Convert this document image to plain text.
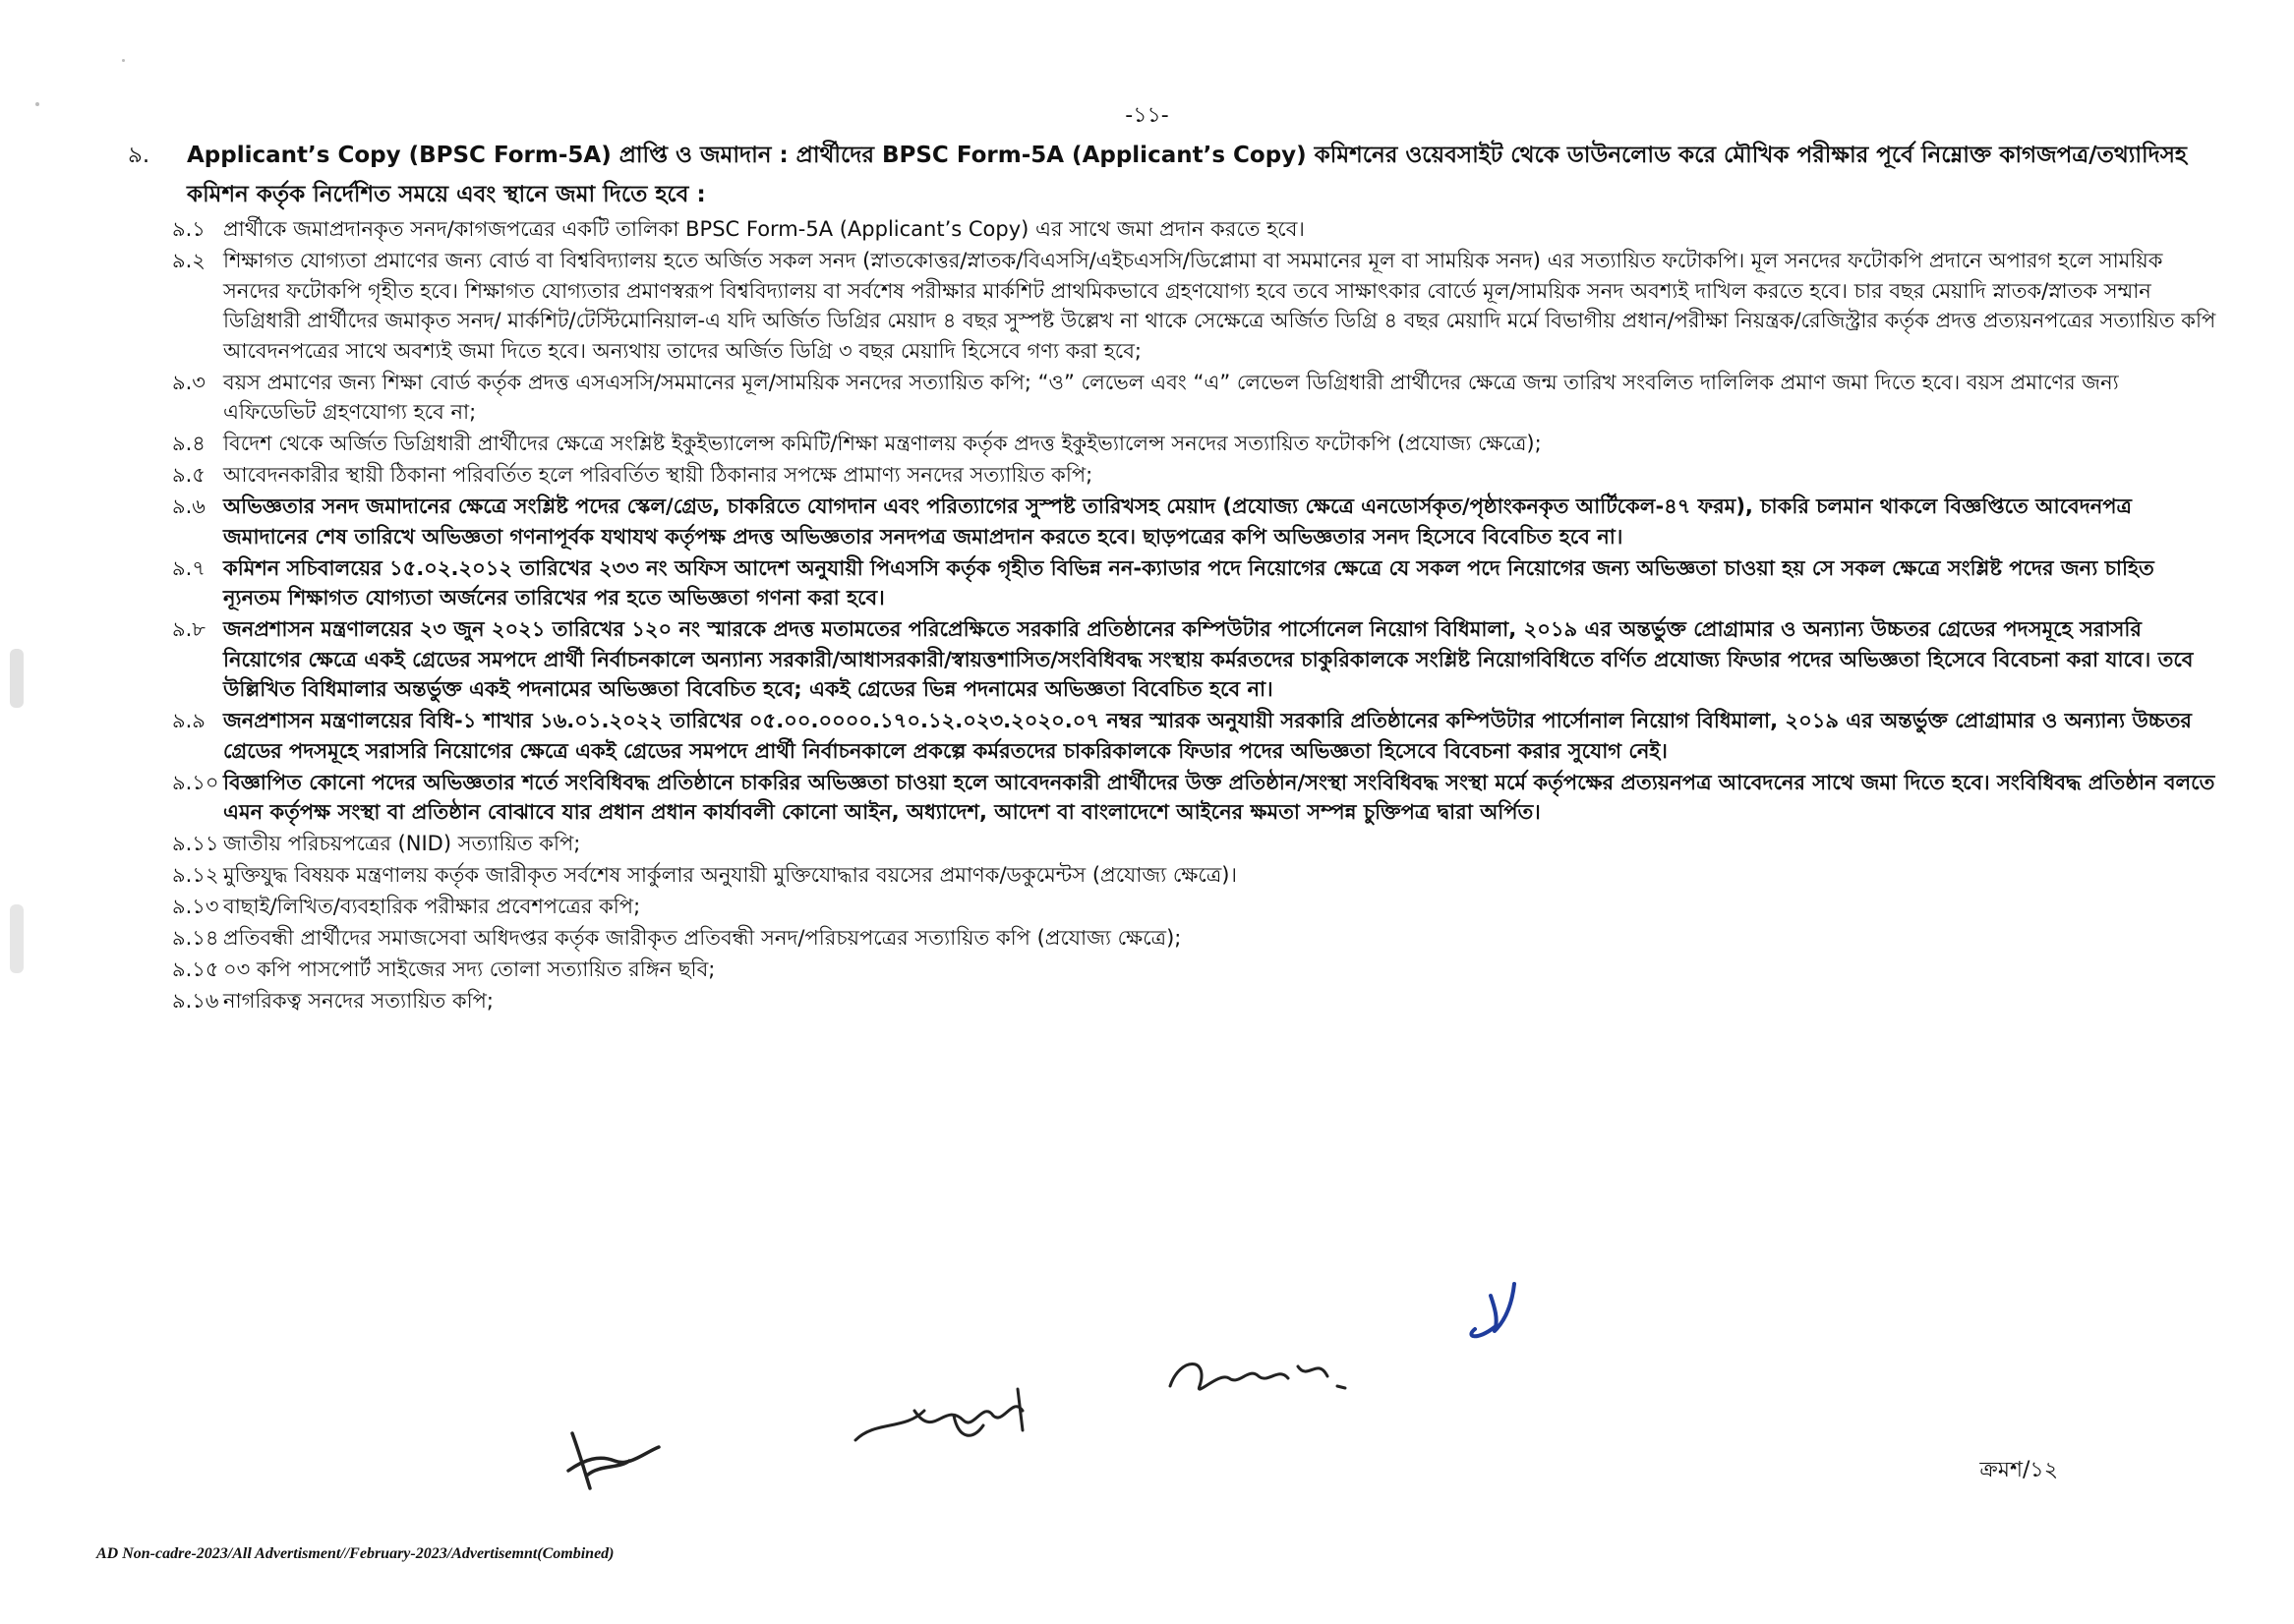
-১১-
৯. Applicant’s Copy (BPSC Form-5A) প্রাপ্তি ও জমাদান : প্রার্থীদের BPSC Form-5A (Applicant’s Copy) কমিশনের ওয়েবসাইট থেকে ডাউনলোড করে মৌখিক পরীক্ষার পূর্বে নিম্নোক্ত কাগজপত্র/তথ্যাদিসহ কমিশন কর্তৃক নির্দেশিত সময়ে এবং স্থানে জমা দিতে হবে :
৯.১ প্রার্থীকে জমাপ্রদানকৃত সনদ/কাগজপত্রের একটি তালিকা BPSC Form-5A (Applicant’s Copy) এর সাথে জমা প্রদান করতে হবে।
৯.২ শিক্ষাগত যোগ্যতা প্রমাণের জন্য বোর্ড বা বিশ্ববিদ্যালয় হতে অর্জিত সকল সনদ (স্নাতকোত্তর/স্নাতক/বিএসসি/এইচএসসি/ডিপ্লোমা বা সমমানের মূল বা সাময়িক সনদ) এর সত্যায়িত ফটোকপি। মূল সনদের ফটোকপি প্রদানে অপারগ হলে সাময়িক সনদের ফটোকপি গৃহীত হবে। শিক্ষাগত যোগ্যতার প্রমাণস্বরূপ বিশ্ববিদ্যালয় বা সর্বশেষ পরীক্ষার মার্কশিট প্রাথমিকভাবে গ্রহণযোগ্য হবে তবে সাক্ষাৎকার বোর্ডে মূল/সাময়িক সনদ অবশ্যই দাখিল করতে হবে। চার বছর মেয়াদি স্নাতক/স্নাতক সম্মান ডিগ্রিধারী প্রার্থীদের জমাকৃত সনদ/ মার্কশিট/টেস্টিমোনিয়াল-এ যদি অর্জিত ডিগ্রির মেয়াদ ৪ বছর সুস্পষ্ট উল্লেখ না থাকে সেক্ষেত্রে অর্জিত ডিগ্রি ৪ বছর মেয়াদি মর্মে বিভাগীয় প্রধান/পরীক্ষা নিয়ন্ত্রক/রেজিস্ট্রার কর্তৃক প্রদত্ত প্রত্যয়নপত্রের সত্যায়িত কপি আবেদনপত্রের সাথে অবশ্যই জমা দিতে হবে। অন্যথায় তাদের অর্জিত ডিগ্রি ৩ বছর মেয়াদি হিসেবে গণ্য করা হবে;
৯.৩ বয়স প্রমাণের জন্য শিক্ষা বোর্ড কর্তৃক প্রদত্ত এসএসসি/সমমানের মূল/সাময়িক সনদের সত্যায়িত কপি; “ও” লেভেল এবং “এ” লেভেল ডিগ্রিধারী প্রার্থীদের ক্ষেত্রে জন্ম তারিখ সংবলিত দালিলিক প্রমাণ জমা দিতে হবে। বয়স প্রমাণের জন্য এফিডেভিট গ্রহণযোগ্য হবে না;
৯.৪ বিদেশ থেকে অর্জিত ডিগ্রিধারী প্রার্থীদের ক্ষেত্রে সংশ্লিষ্ট ইকুইভ্যালেন্স কমিটি/শিক্ষা মন্ত্রণালয় কর্তৃক প্রদত্ত ইকুইভ্যালেন্স সনদের সত্যায়িত ফটোকপি (প্রযোজ্য ক্ষেত্রে);
৯.৫ আবেদনকারীর স্থায়ী ঠিকানা পরিবর্তিত হলে পরিবর্তিত স্থায়ী ঠিকানার সপক্ষে প্রামাণ্য সনদের সত্যায়িত কপি;
৯.৬ অভিজ্ঞতার সনদ জমাদানের ক্ষেত্রে সংশ্লিষ্ট পদের স্কেল/গ্রেড, চাকরিতে যোগদান এবং পরিত্যাগের সুস্পষ্ট তারিখসহ মেয়াদ (প্রযোজ্য ক্ষেত্রে এনডোর্সকৃত/পৃষ্ঠাংকনকৃত আর্টিকেল-৪৭ ফরম), চাকরি চলমান থাকলে বিজ্ঞপ্তিতে আবেদনপত্র জমাদানের শেষ তারিখে অভিজ্ঞতা গণনাপূর্বক যথাযথ কর্তৃপক্ষ প্রদত্ত অভিজ্ঞতার সনদপত্র জমাপ্রদান করতে হবে। ছাড়পত্রের কপি অভিজ্ঞতার সনদ হিসেবে বিবেচিত হবে না।
৯.৭ কমিশন সচিবালয়ের ১৫.০২.২০১২ তারিখের ২৩৩ নং অফিস আদেশ অনুযায়ী পিএসসি কর্তৃক গৃহীত বিভিন্ন নন-ক্যাডার পদে নিয়োগের ক্ষেত্রে যে সকল পদে নিয়োগের জন্য অভিজ্ঞতা চাওয়া হয় সে সকল ক্ষেত্রে সংশ্লিষ্ট পদের জন্য চাহিত ন্যূনতম শিক্ষাগত যোগ্যতা অর্জনের তারিখের পর হতে অভিজ্ঞতা গণনা করা হবে।
৯.৮ জনপ্রশাসন মন্ত্রণালয়ের ২৩ জুন ২০২১ তারিখের ১২০ নং স্মারকে প্রদত্ত মতামতের পরিপ্রেক্ষিতে সরকারি প্রতিষ্ঠানের কম্পিউটার পার্সোনেল নিয়োগ বিধিমালা, ২০১৯ এর অন্তর্ভুক্ত প্রোগ্রামার ও অন্যান্য উচ্চতর গ্রেডের পদসমূহে সরাসরি নিয়োগের ক্ষেত্রে একই গ্রেডের সমপদে প্রার্থী নির্বাচনকালে অন্যান্য সরকারী/আধাসরকারী/স্বায়ত্তশাসিত/সংবিধিবদ্ধ সংস্থায় কর্মরতদের চাকুরিকালকে সংশ্লিষ্ট নিয়োগবিধিতে বর্ণিত প্রযোজ্য ফিডার পদের অভিজ্ঞতা হিসেবে বিবেচনা করা যাবে। তবে উল্লিখিত বিধিমালার অন্তর্ভুক্ত একই পদনামের অভিজ্ঞতা বিবেচিত হবে; একই গ্রেডের ভিন্ন পদনামের অভিজ্ঞতা বিবেচিত হবে না।
৯.৯ জনপ্রশাসন মন্ত্রণালয়ের বিধি-১ শাখার ১৬.০১.২০২২ তারিখের ০৫.০০.০০০০.১৭০.১২.০২৩.২০২০.০৭ নম্বর স্মারক অনুযায়ী সরকারি প্রতিষ্ঠানের কম্পিউটার পার্সোনাল নিয়োগ বিধিমালা, ২০১৯ এর অন্তর্ভুক্ত প্রোগ্রামার ও অন্যান্য উচ্চতর গ্রেডের পদসমূহে সরাসরি নিয়োগের ক্ষেত্রে একই গ্রেডের সমপদে প্রার্থী নির্বাচনকালে প্রকল্পে কর্মরতদের চাকরিকালকে ফিডার পদের অভিজ্ঞতা হিসেবে বিবেচনা করার সুযোগ নেই।
৯.১০ বিজ্ঞাপিত কোনো পদের অভিজ্ঞতার শর্তে সংবিধিবদ্ধ প্রতিষ্ঠানে চাকরির অভিজ্ঞতা চাওয়া হলে আবেদনকারী প্রার্থীদের উক্ত প্রতিষ্ঠান/সংস্থা সংবিধিবদ্ধ সংস্থা মর্মে কর্তৃপক্ষের প্রত্যয়নপত্র আবেদনের সাথে জমা দিতে হবে। সংবিধিবদ্ধ প্রতিষ্ঠান বলতে এমন কর্তৃপক্ষ সংস্থা বা প্রতিষ্ঠান বোঝাবে যার প্রধান প্রধান কার্যাবলী কোনো আইন, অধ্যাদেশ, আদেশ বা বাংলাদেশে আইনের ক্ষমতা সম্পন্ন চুক্তিপত্র দ্বারা অর্পিত।
৯.১১ জাতীয় পরিচয়পত্রের (NID) সত্যায়িত কপি;
৯.১২ মুক্তিযুদ্ধ বিষয়ক মন্ত্রণালয় কর্তৃক জারীকৃত সর্বশেষ সার্কুলার অনুযায়ী মুক্তিযোদ্ধার বয়সের প্রমাণক/ডকুমেন্টস (প্রযোজ্য ক্ষেত্রে)।
৯.১৩ বাছাই/লিখিত/ব্যবহারিক পরীক্ষার প্রবেশপত্রের কপি;
৯.১৪ প্রতিবন্ধী প্রার্থীদের সমাজসেবা অধিদপ্তর কর্তৃক জারীকৃত প্রতিবন্ধী সনদ/পরিচয়পত্রের সত্যায়িত কপি (প্রযোজ্য ক্ষেত্রে);
৯.১৫ ০৩ কপি পাসপোর্ট সাইজের সদ্য তোলা সত্যায়িত রঙ্গিন ছবি;
৯.১৬ নাগরিকত্ব সনদের সত্যায়িত কপি;
ক্রমশ/১২
AD Non-cadre-2023/All Advertisment//February-2023/Advertisemnt(Combined)
